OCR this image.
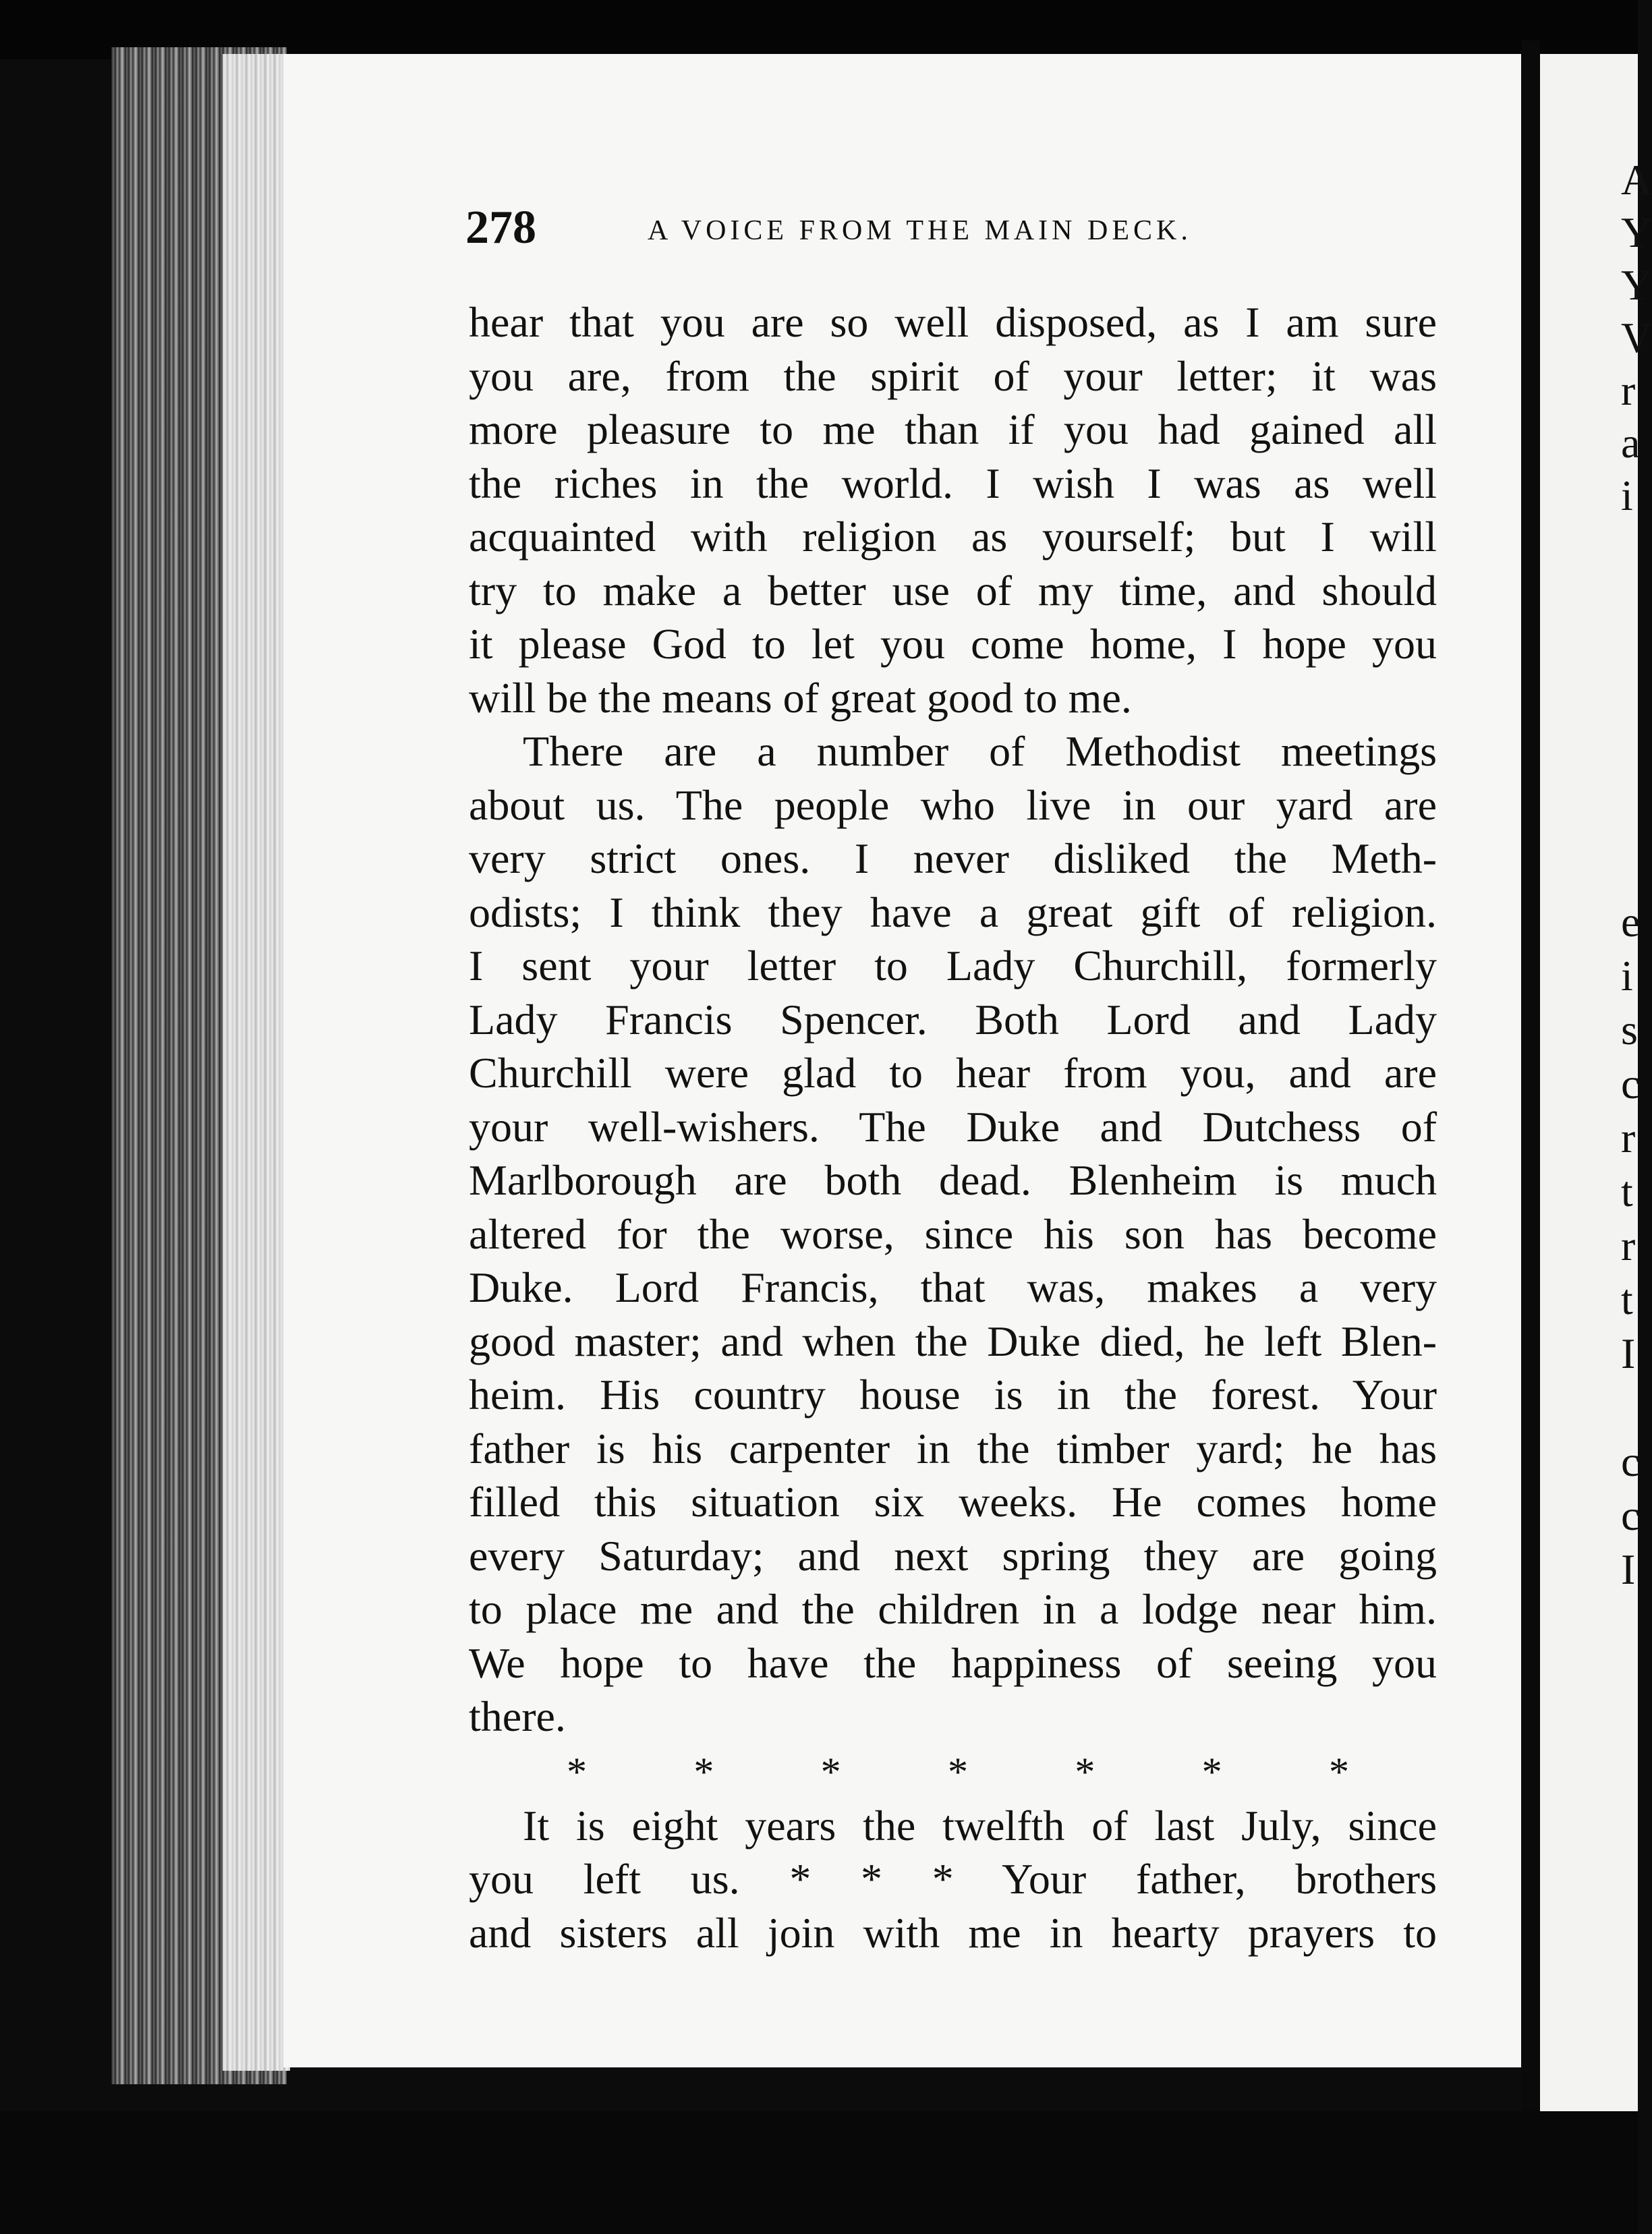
A
Y
Y
V
r
a
i
e
i
s
c
r
t
r
t
I
c
c
I
278	A VOICE FROM THE MAIN DECK.
hear that you are so well disposed, as I am sure
you are, from the spirit of your letter; it was
more pleasure to me than if you had gained all
the riches in the world. I wish I was as well
acquainted with religion as yourself; but I will
try to make a better use of my time, and should
it please God to let you come home, I hope you
will be the means of great good to me.
There are a number of Methodist meetings
about us. The people who live in our yard are
very strict ones. I never disliked the Meth-
odists; I think they have a great gift of religion.
I sent your letter to Lady Churchill, formerly
Lady Francis Spencer. Both Lord and Lady
Churchill were glad to hear from you, and are
your well-wishers. The Duke and Dutchess of
Marlborough are both dead. Blenheim is much
altered for the worse, since his son has become
Duke. Lord Francis, that was, makes a very
good master; and when the Duke died, he left Blen-
heim. His country house is in the forest. Your
father is his carpenter in the timber yard; he has
filled this situation six weeks. He comes home
every Saturday; and next spring they are going
to place me and the children in a lodge near him.
We hope to have the happiness of seeing you
there.
*	*	*	*	*	*	*
It is eight years the twelfth of last July, since
you left us. * * * Your father, brothers
and sisters all join with me in hearty prayers to
